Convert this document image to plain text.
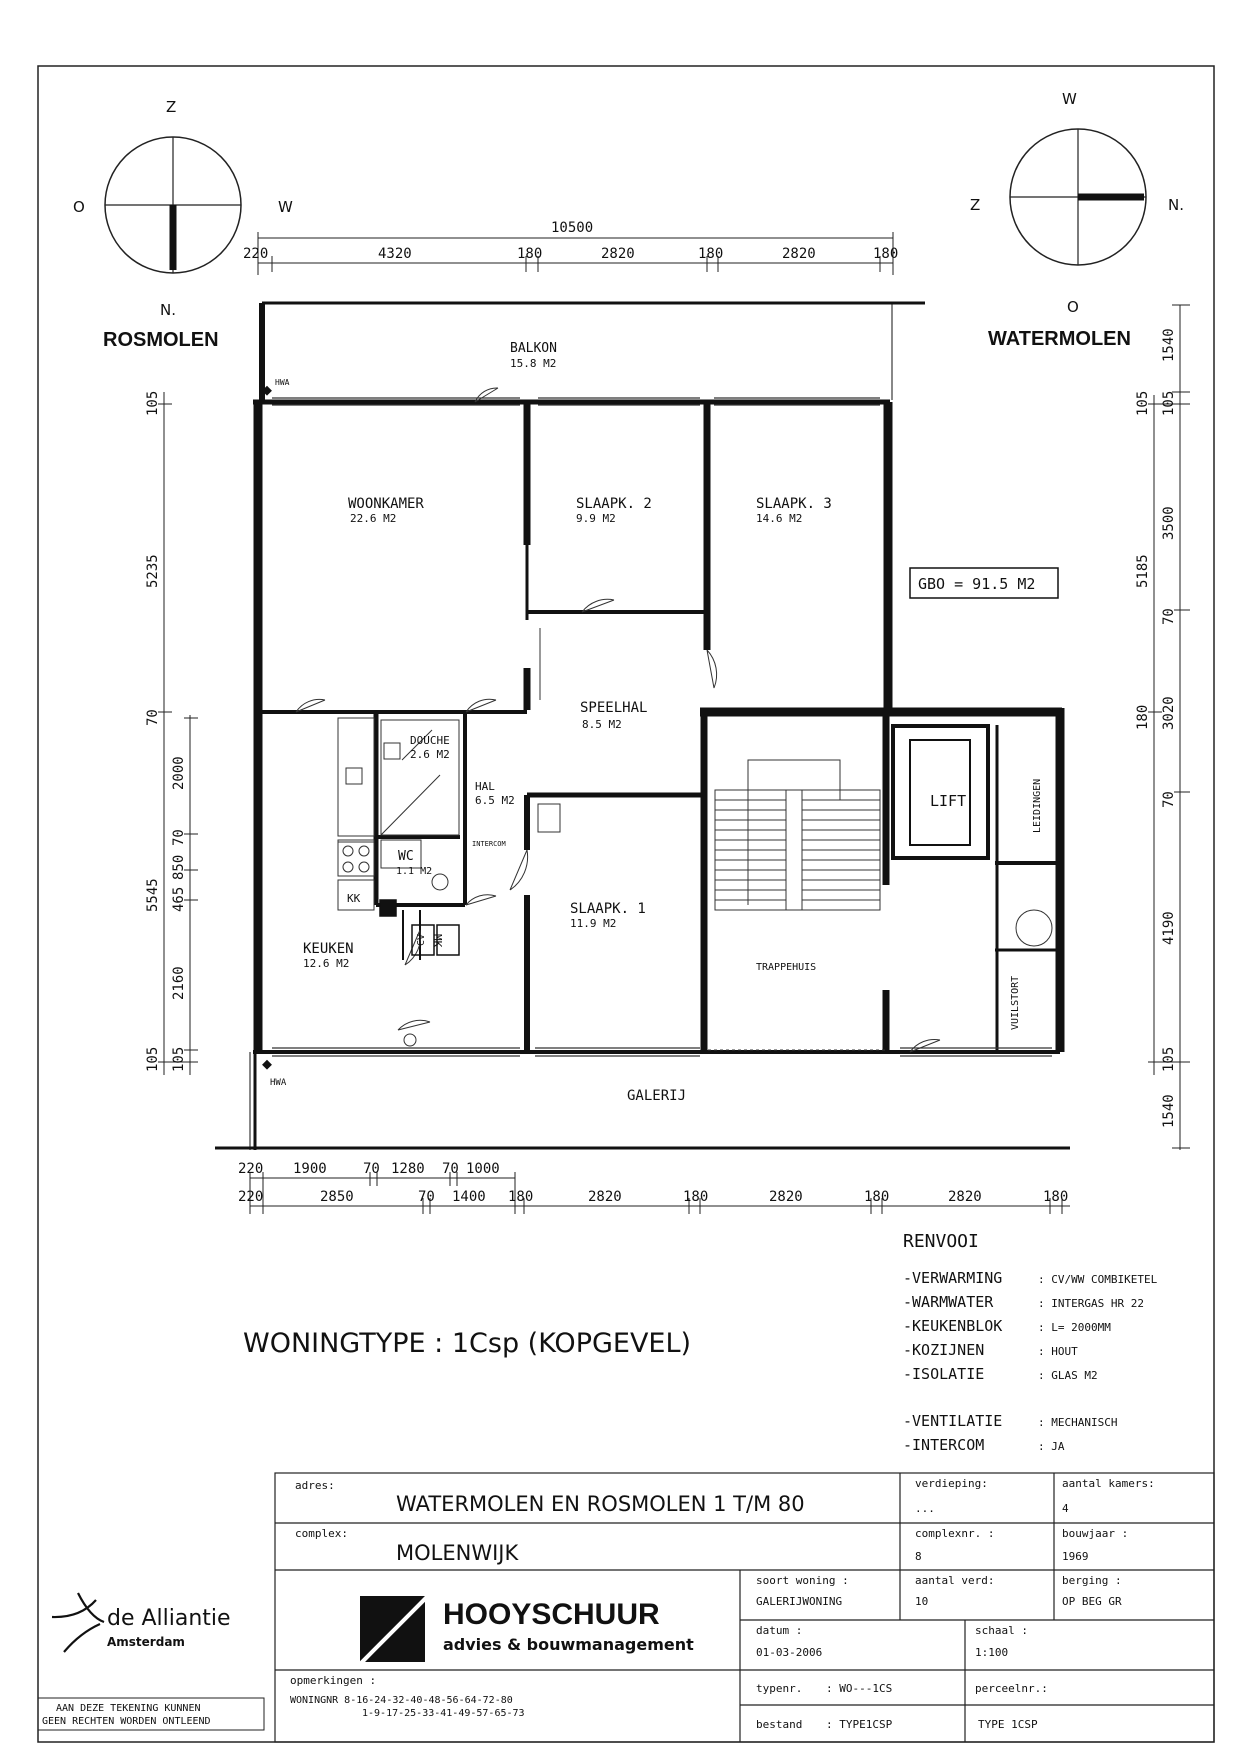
Z
O	W
N.
ROSMOLEN
W
Z	N.
O
WATERMOLEN
10500
220	4320	180	2820	180	2820	180
105
5235
70
2000
70
850
465
5545
2160
105 105
1540
105 105
3500
5185
70
3020
180
70
4190
105
1540
220 1900	70 1280 70 1000
220	2850	70 1400 180	2820	180	2820	180	2820	180
HWA
HWA
BALKON
15.8 M2
WOONKAMER
22.6 M2
SLAAPK. 2
9.9 M2
SLAAPK. 3
14.6 M2
SPEELHAL
8.5 M2
DOUCHE
2.6 M2
HAL
6.5 M2
INTERCOM
WC
1.1 M2
KK
CV MK
KEUKEN
12.6 M2
SLAAPK. 1
11.9 M2
TRAPPEHUIS
LIFT	LEIDINGEN
VUILSTORT
GALERIJ
GBO = 91.5 M2
RENVOOI
-VERWARMING	: CV/WW COMBIKETEL
-WARMWATER	: INTERGAS HR 22
-KEUKENBLOK	: L= 2000MM
-KOZIJNEN	: HOUT
-ISOLATIE	: GLAS M2
-VENTILATIE	: MECHANISCH
-INTERCOM	: JA
WONINGTYPE : 1Csp (KOPGEVEL)
adres:
WATERMOLEN EN ROSMOLEN 1 T/M 80
verdieping:
...
aantal kamers:
4
complex:
MOLENWIJK
complexnr. :
8
bouwjaar :
1969
soort woning :
GALERIJWONING
aantal verd:
10
berging :
OP BEG GR
datum :
01-03-2006
schaal :
1:100
opmerkingen :
WONINGNR 8-16-24-32-40-48-56-64-72-80
1-9-17-25-33-41-49-57-65-73
typenr. : WO---1CS	perceelnr.:
bestand : TYPE1CSP	TYPE 1CSP
HOOYSCHUUR
advies & bouwmanagement
de Alliantie
Amsterdam
AAN DEZE TEKENING KUNNEN
GEEN RECHTEN WORDEN ONTLEEND
